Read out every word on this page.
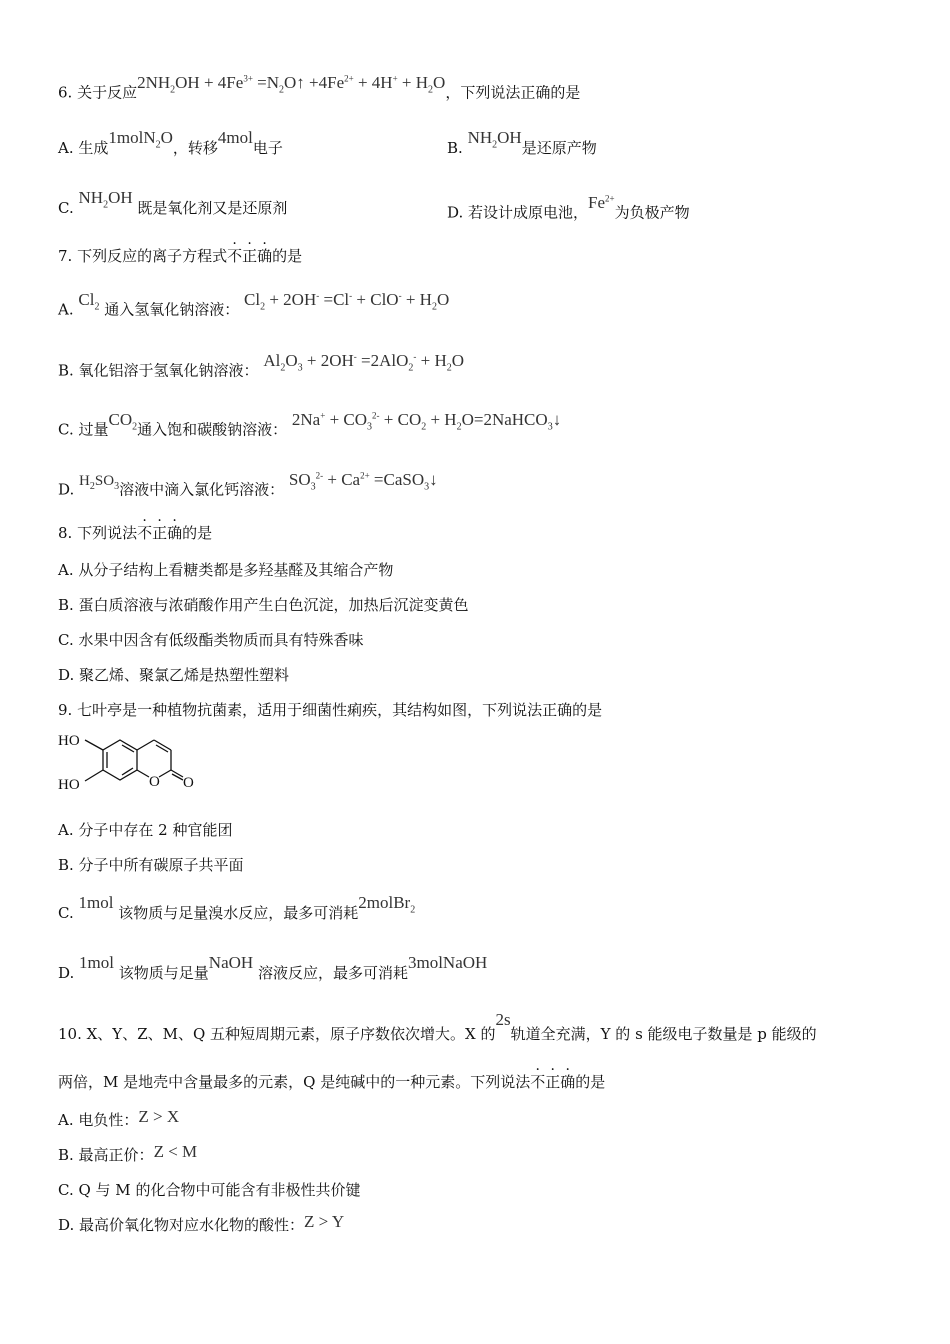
6. 关于反应$2NH_2OH + 4Fe^{3+}$ $=N_2O↑ +4Fe^{2+} + 4H^+ + H_2O$，下列说法正确的是
A. 生成1molN$_2$O，转移4mol电子	B. $NH_2OH$是还原产物
C. $NH_2OH$ 既是氧化剂又是还原剂	D. 若设计成原电池，$Fe^{2+}$为负极产物
7. 下列反应的离子方程式不正确的是
A. $Cl_2$ 通入氢氧化钠溶液： $Cl_2 + 2OH^- =Cl^- + ClO^- + H_2O$
B. 氧化铝溶于氢氧化钠溶液： $Al_2O_3 + 2OH^- =2AlO_2^- + H_2O$
C. 过量$CO_2$通入饱和碳酸钠溶液： $2Na^+ + CO_3^{2-} + CO_2$ + $H_2O=2NaHCO_3↓$
D. $H_2SO_3$溶液中滴入氯化钙溶液： $SO_3^{2-} + Ca^{2+}$ =CaSO$_3$↓
8. 下列说法不正确的是
A. 从分子结构上看糖类都是多羟基醛及其缩合产物
B. 蛋白质溶液与浓硝酸作用产生白色沉淀，加热后沉淀变黄色
C. 水果中因含有低级酯类物质而具有特殊香味
D. 聚乙烯、聚氯乙烯是热塑性塑料
9. 七叶亭是一种植物抗菌素，适用于细菌性痢疾，其结构如图，下列说法正确的是
HO
HO	O O
A. 分子中存在 2 种官能团
B. 分子中所有碳原子共平面
C. 1mol 该物质与足量溴水反应，最多可消耗2molBr$_2$
D. 1mol 该物质与足量NaOH 溶液反应，最多可消耗3molNaOH
10. X、Y、Z、M、Q 五种短周期元素，原子序数依次增大。X 的2s轨道全充满，Y 的 s 能级电子数量是 p 能级的
两倍，M 是地壳中含量最多的元素，Q 是纯碱中的一种元素。下列说法不正确的是
A. 电负性：Z > X
B. 最高正价：Z < M
C. Q 与 M 的化合物中可能含有非极性共价键
D. 最高价氧化物对应水化物的酸性：Z > Y
